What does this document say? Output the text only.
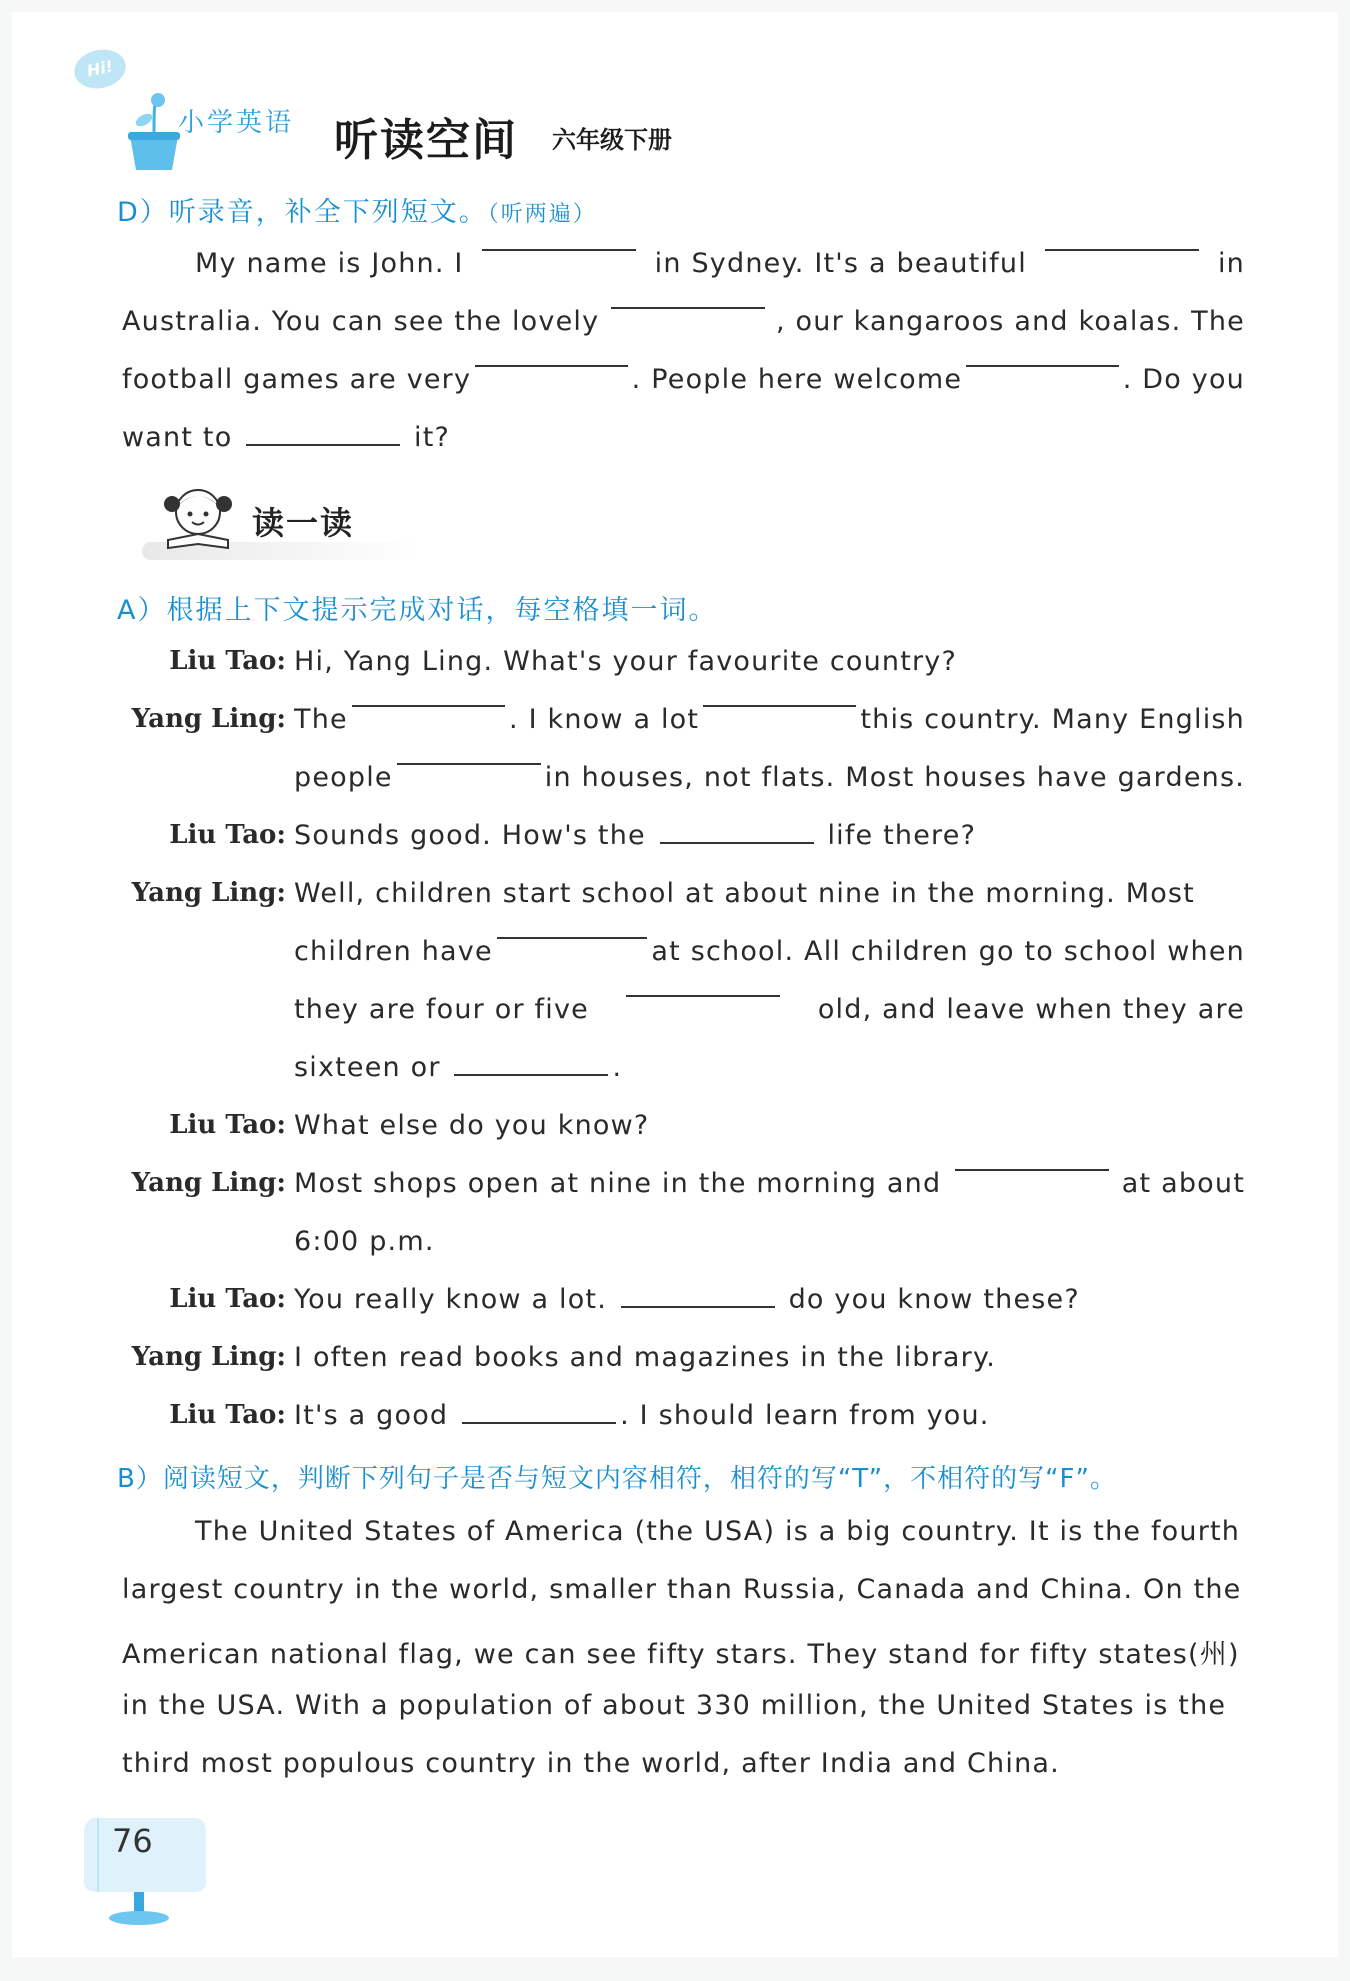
Hi!
小学英语 听读空间 六年级下册
D）听录音，补全下列短文。（听两遍）
My name is John. I	in Sydney. It's a beautiful	in
Australia. You can see the lovely	, our kangaroos and koalas. The
football games are very	. People here welcome	. Do you
want to	it?
读一读
A）根据上下文提示完成对话，每空格填一词。
Liu Tao: Hi, Yang Ling. What's your favourite country?
Yang Ling: The	. I know a lot	this country. Many English
people	in houses, not flats. Most houses have gardens.
Liu Tao: Sounds good. How's the	life there?
Yang Ling: Well, children start school at about nine in the morning. Most
children have	at school. All children go to school when
they are four or five	old, and leave when they are
sixteen or	.
Liu Tao: What else do you know?
Yang Ling: Most shops open at nine in the morning and	at about
6:00 p.m.
Liu Tao: You really know a lot.	do you know these?
Yang Ling: I often read books and magazines in the library.
Liu Tao: It's a good	. I should learn from you.
B）阅读短文，判断下列句子是否与短文内容相符，相符的写“T”，不相符的写“F”。
The United States of America (the USA) is a big country. It is the fourth
largest country in the world, smaller than Russia, Canada and China. On the
American national flag, we can see fifty stars. They stand for fifty states(州)
in the USA. With a population of about 330 million, the United States is the
third most populous country in the world, after India and China.
76
